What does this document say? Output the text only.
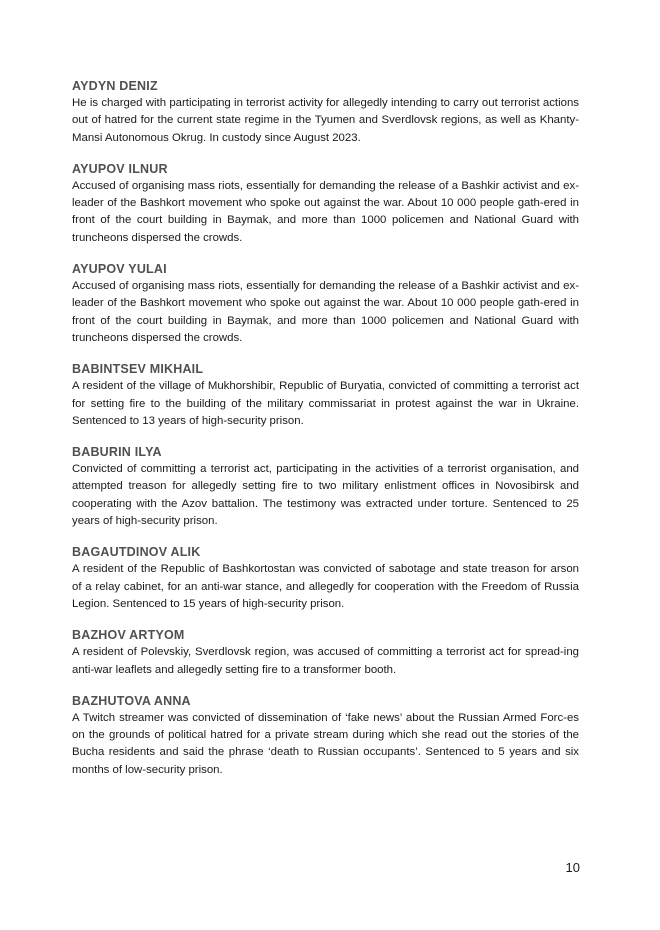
AYDYN DENIZ

He is charged with participating in terrorist activity for allegedly intending to carry out terrorist actions out of hatred for the current state regime in the Tyumen and Sverdlovsk regions, as well as Khanty-Mansi Autonomous Okrug. In custody since August 2023.

AYUPOV ILNUR

Accused of organising mass riots, essentially for demanding the release of a Bashkir activist and ex-leader of the Bashkort movement who spoke out against the war. About 10 000 people gath-ered in front of the court building in Baymak, and more than 1000 policemen and National Guard with truncheons dispersed the crowds.

AYUPOV YULAI

Accused of organising mass riots, essentially for demanding the release of a Bashkir activist and ex-leader of the Bashkort movement who spoke out against the war. About 10 000 people gath-ered in front of the court building in Baymak, and more than 1000 policemen and National Guard with truncheons dispersed the crowds.

BABINTSEV MIKHAIL

A resident of the village of Mukhorshibir, Republic of Buryatia, convicted of committing a terrorist act for setting fire to the building of the military commissariat in protest against the war in Ukraine. Sentenced to 13 years of high-security prison.

BABURIN ILYA

Convicted of committing a terrorist act, participating in the activities of a terrorist organisation, and attempted treason for allegedly setting fire to two military enlistment offices in Novosibirsk and cooperating with the Azov battalion. The testimony was extracted under torture. Sentenced to 25 years of high-security prison.

BAGAUTDINOV ALIK

A resident of the Republic of Bashkortostan was convicted of sabotage and state treason for arson of a relay cabinet, for an anti-war stance, and allegedly for cooperation with the Freedom of Russia Legion. Sentenced to 15 years of high-security prison.

BAZHOV ARTYOM

A resident of Polevskiy, Sverdlovsk region, was accused of committing a terrorist act for spread-ing anti-war leaflets and allegedly setting fire to a transformer booth.

BAZHUTOVA ANNA

A Twitch streamer was convicted of dissemination of ‘fake news’ about the Russian Armed Forc-es on the grounds of political hatred for a private stream during which she read out the stories of the Bucha residents and said the phrase ‘death to Russian occupants’. Sentenced to 5 years and six months of low-security prison.

10
